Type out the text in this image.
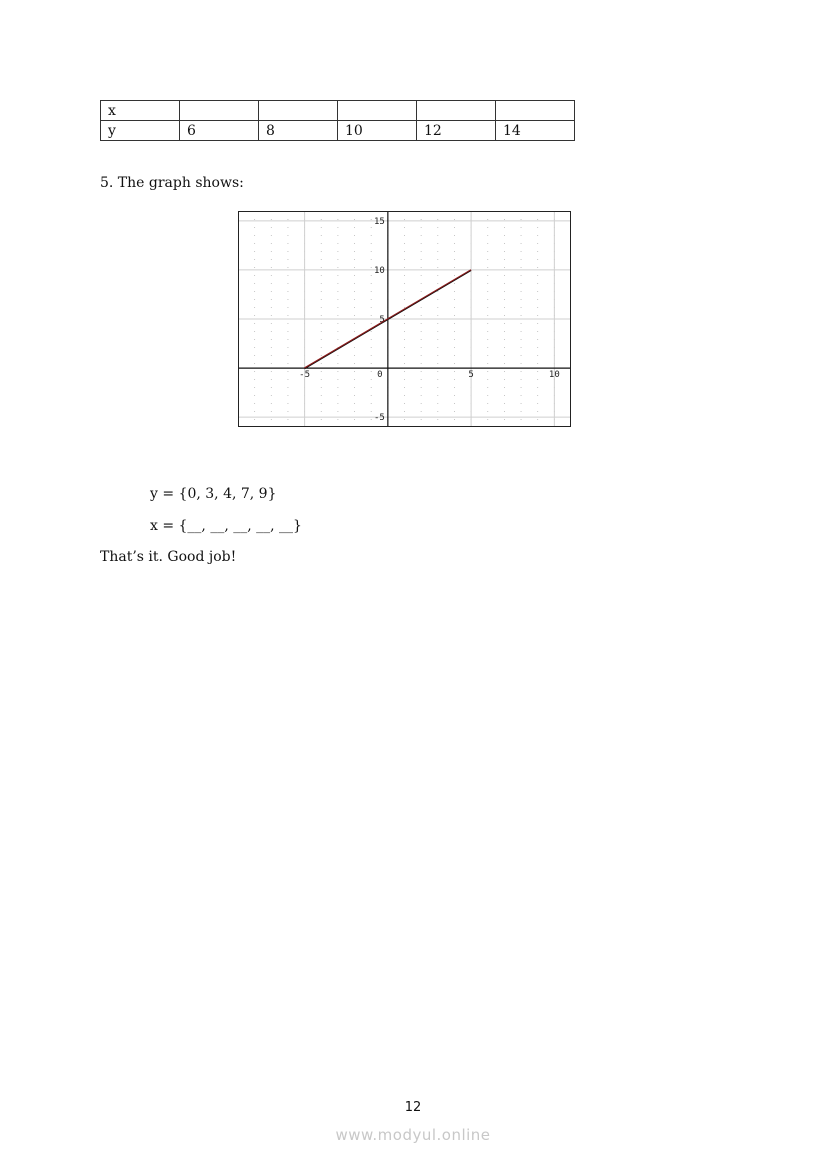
x					
y	6	8	10	12	14
5. The graph shows:
-5	0	5	10
-5
5
10
15
y = {0, 3, 4, 7, 9}
x = {__, __, __, __, __}
That’s it. Good job!
12
www.modyul.online
